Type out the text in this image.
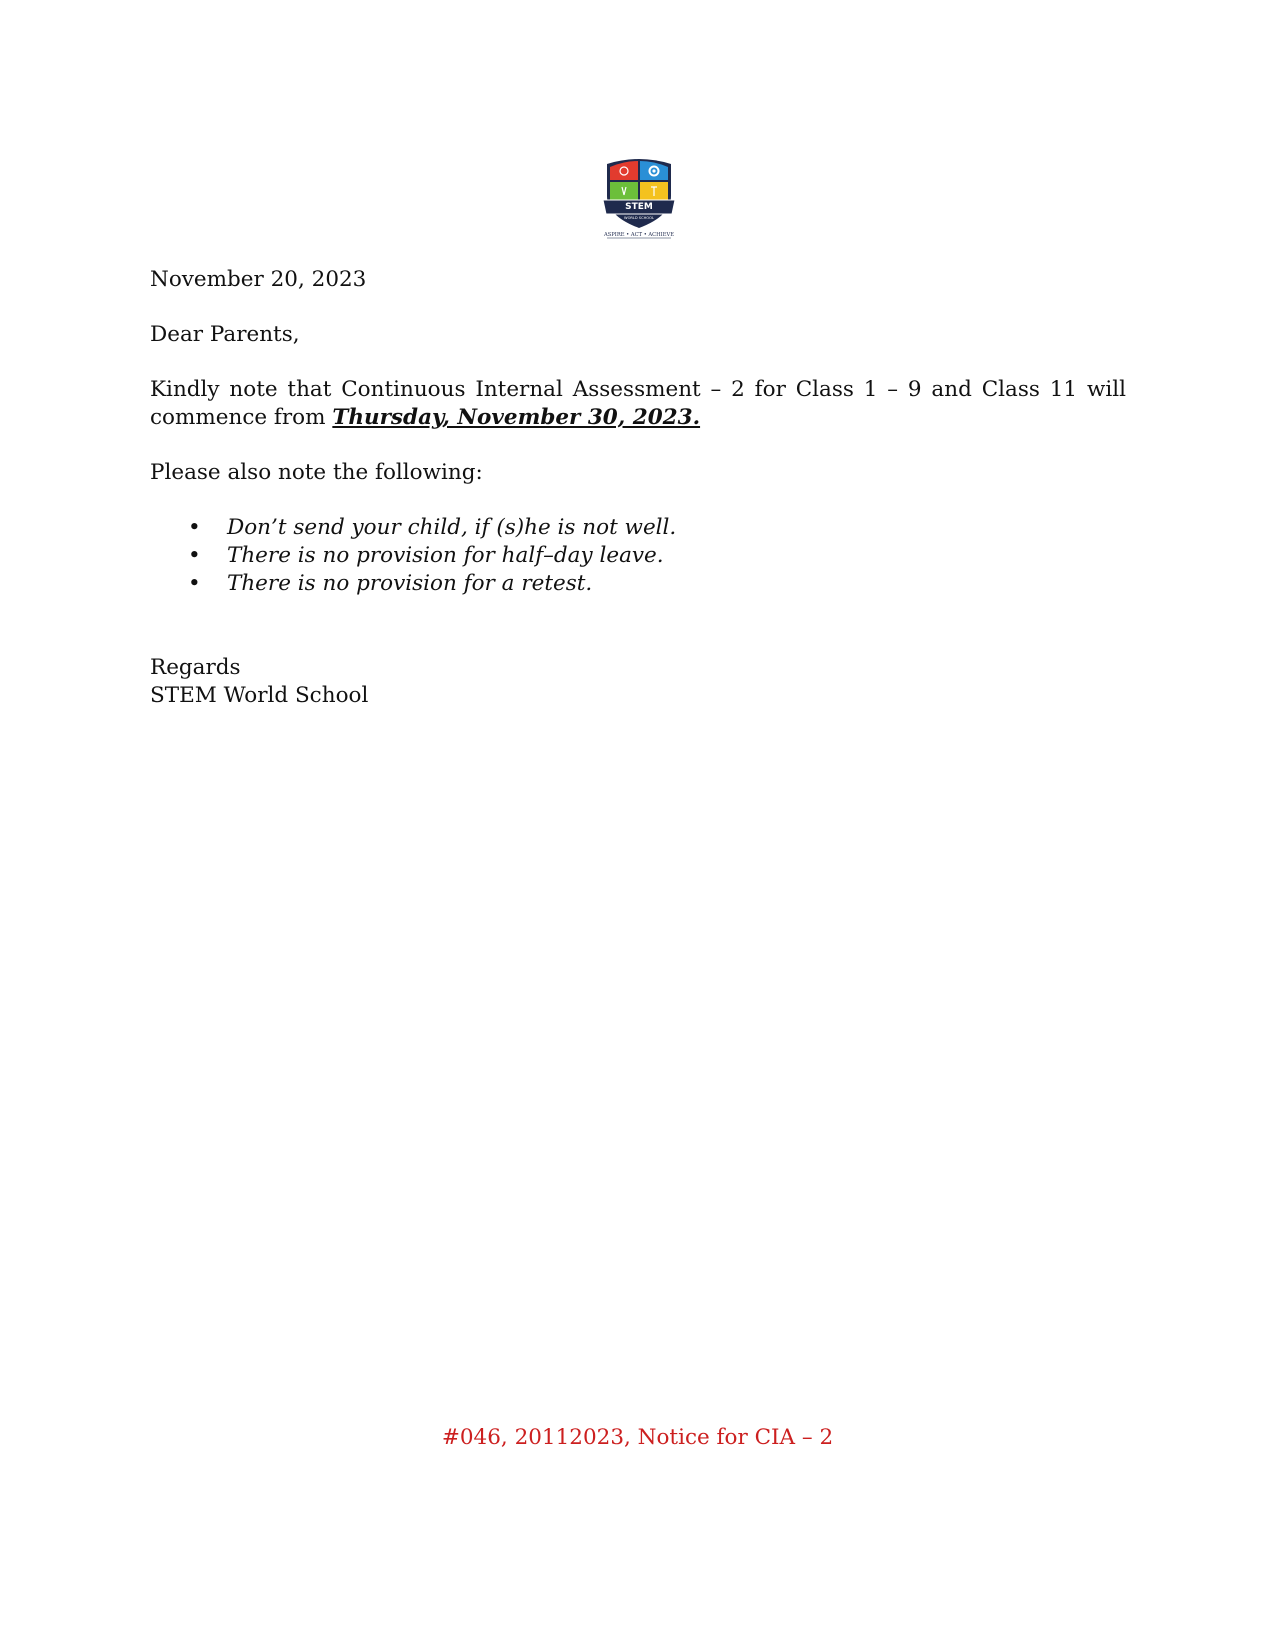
STEM
WORLD SCHOOL
ASPIRE • ACT • ACHIEVE

November 20, 2023

Dear Parents,

Kindly note that Continuous Internal Assessment – 2 for Class 1 – 9 and Class 11 will commence from Thursday, November 30, 2023.

Please also note the following:

• Don’t send your child, if (s)he is not well.
• There is no provision for half–day leave.
• There is no provision for a retest.

Regards

STEM World School

#046, 20112023, Notice for CIA – 2
